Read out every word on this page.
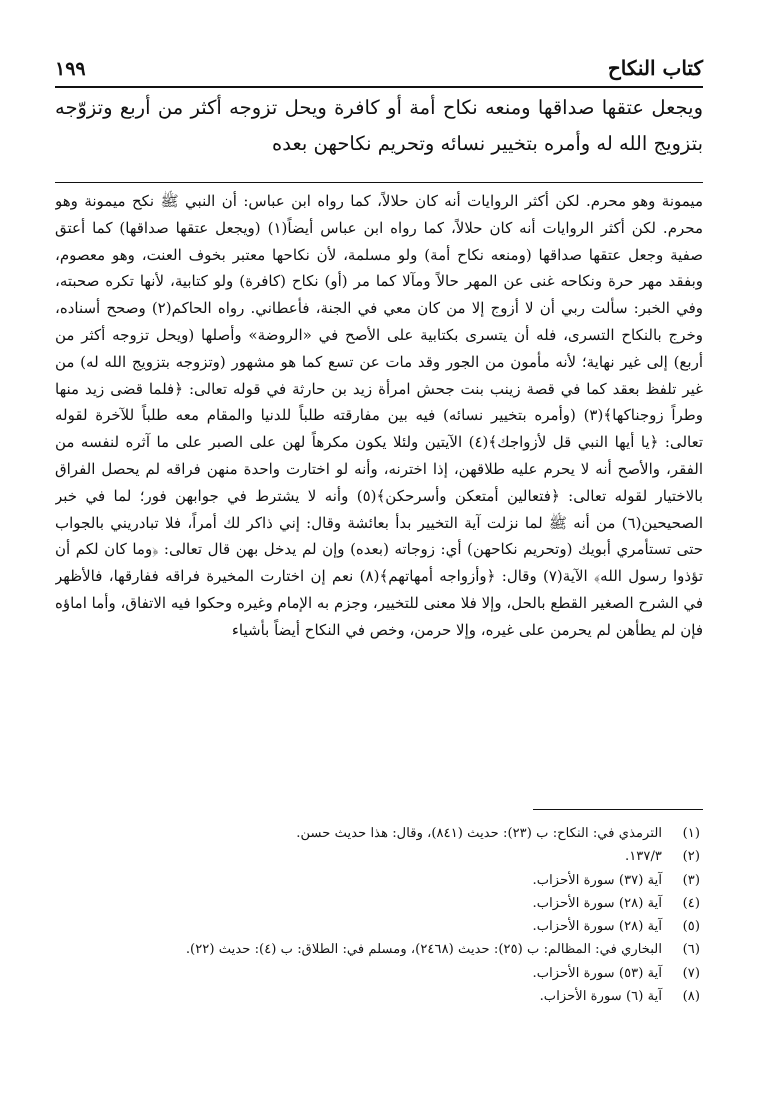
كتاب النكاح
١٩٩
ويجعل عتقها صداقها ومنعه نكاح أمة أو كافرة ويحل تزوجه أكثر من أربع وتزوّجه بتزويج الله له وأمره بتخيير نسائه وتحريم نكاحهن بعده

ميمونة وهو محرم. لكن أكثر الروايات أنه كان حلالاً، كما رواه ابن عباس: أن النبي ﷺ نكح ميمونة وهو محرم. لكن أكثر الروايات أنه كان حلالاً، كما رواه ابن عباس أيضاً(١) (ويجعل عتقها صداقها) كما أعتق صفية وجعل عتقها صداقها (ومنعه نكاح أمة) ولو مسلمة، لأن نكاحها معتبر بخوف العنت، وهو معصوم، وبفقد مهر حرة ونكاحه غنى عن المهر حالاً ومآلا كما مر (أو) نكاح (كافرة) ولو كتابية، لأنها تكره صحبته، وفي الخبر: سألت ربي أن لا أزوج إلا من كان معي في الجنة، فأعطاني. رواه الحاكم(٢) وصحح أسناده، وخرج بالنكاح التسرى، فله أن يتسرى بكتابية على الأصح في «الروضة» وأصلها (ويحل تزوجه أكثر من أربع) إلى غير نهاية؛ لأنه مأمون من الجور وقد مات عن تسع كما هو مشهور (وتزوجه بتزويج الله له) من غير تلفظ بعقد كما في قصة زينب بنت جحش امرأة زيد بن حارثة في قوله تعالى: ﴿فلما قضى زيد منها وطراً زوجناكها﴾(٣) (وأمره بتخيير نسائه) فيه بين مفارقته طلباً للدنيا والمقام معه طلباً للآخرة لقوله تعالى: ﴿يا أيها النبي قل لأزواجك﴾(٤) الآيتين ولئلا يكون مكرهاً لهن على الصبر على ما آثره لنفسه من الفقر، والأصح أنه لا يحرم عليه طلاقهن، إذا اخترنه، وأنه لو اختارت واحدة منهن فراقه لم يحصل الفراق بالاختيار لقوله تعالى: ﴿فتعالين أمتعكن وأسرحكن﴾(٥) وأنه لا يشترط في جوابهن فور؛ لما في خبر الصحيحين(٦) من أنه ﷺ لما نزلت آية التخيير بدأ بعائشة وقال: إني ذاكر لك أمراً، فلا تبادريني بالجواب حتى تستأمري أبويك (وتحريم نكاحهن) أي: زوجاته (بعده) وإن لم يدخل بهن قال تعالى: ﴿وما كان لكم أن تؤذوا رسول الله﴾ الآية(٧) وقال: ﴿وأزواجه أمهاتهم﴾(٨) نعم إن اختارت المخيرة فراقه ففارقها، فالأظهر في الشرح الصغير القطع بالحل، وإلا فلا معنى للتخيير، وجزم به الإمام وغيره وحكوا فيه الاتفاق، وأما اماؤه فإن لم يطأهن لم يحرمن على غيره، وإلا حرمن، وخص في النكاح أيضاً بأشياء

(١)
الترمذي في: النكاح: ب (٢٣): حديث (٨٤١)، وقال: هذا حديث حسن.
(٢)
١٣٧/٣.
(٣)
آية (٣٧) سورة الأحزاب.
(٤)
آية (٢٨) سورة الأحزاب.
(٥)
آية (٢٨) سورة الأحزاب.
(٦)
البخاري في: المظالم: ب (٢٥): حديث (٢٤٦٨)، ومسلم في: الطلاق: ب (٤): حديث (٢٢).
(٧)
آية (٥٣) سورة الأحزاب.
(٨)
آية (٦) سورة الأحزاب.
